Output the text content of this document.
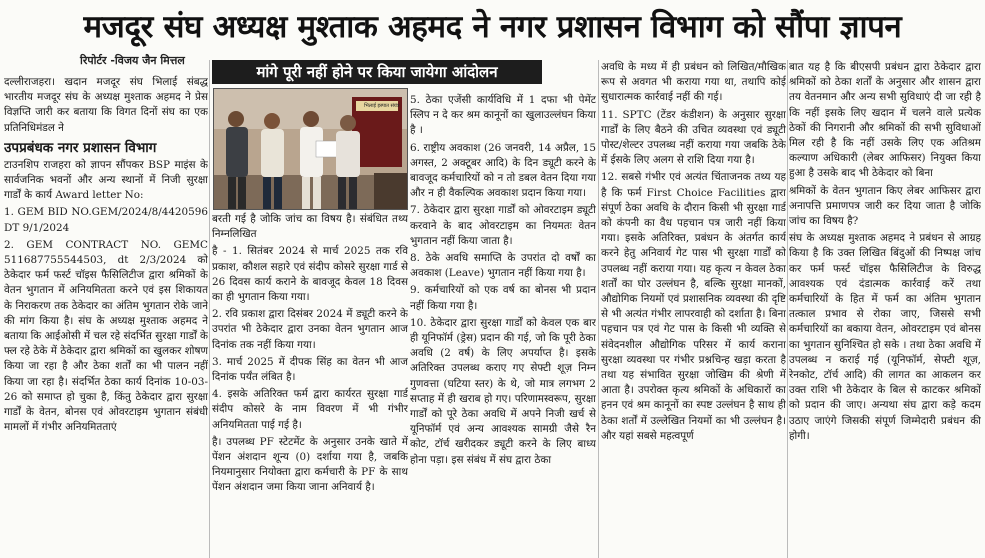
मजदूर संघ अध्यक्ष मुश्ताक अहमद ने नगर प्रशासन विभाग को सौंपा ज्ञापन
रिपोर्टर -विजय जैन मित्तल
मांगे पूरी नहीं होने पर किया जायेगा आंदोलन

दल्लीराजहरा। खदान मजदूर संघ भिलाई संबद्ध भारतीय मजदूर संघ के अध्यक्ष मुश्ताक अहमद ने प्रेस विज्ञप्ति जारी कर बताया कि विगत दिनों संघ का एक प्रतिनिधिमंडल ने

उपप्रबंधक नगर प्रशासन विभाग

टाउनशिप राजहरा को ज्ञापन सौंपकर BSP माइंस के सार्वजनिक भवनों और अन्य स्थानों में निजी सुरक्षा गार्डों के कार्य Award letter No:

1. GEM BID NO.GEM/2024/8/4420596 DT 9/1/2024

2. GEM CONTRACT NO. GEMC 511687755544503, dt 2/3/2024 को ठेकेदार फर्म फर्स्ट चॉइस फैसिलिटीज द्वारा श्रमिकों के वेतन भुगतान में अनियमितता करने एवं इस शिकायत के निराकरण तक ठेकेदार का अंतिम भुगतान रोके जाने की मांग किया है। संघ के अध्यक्ष मुश्ताक अहमद ने बताया कि आईओसी में चल रहे संदर्भित सुरक्षा गार्डों के फ्ल रहे ठेके में ठेकेदार द्वारा श्रमिकों का खुलकर शोषण किया जा रहा है और ठेका शर्तों का भी पालन नहीं किया जा रहा है। संदर्भित ठेका कार्य दिनांक 10-03-26 को समाप्त हो चुका है, किंतु ठेकेदार द्वारा सुरक्षा गार्डों के वेतन, बोनस एवं ओवरटाइम भुगतान संबंधी मामलों में गंभीर अनियमितताएं

भिलाई इस्पात संयंत्र

बरती गई है जोकि जांच का विषय है। संबंधित तथ्य निम्नलिखित

है - 1. सितंबर 2024 से मार्च 2025 तक रवि प्रकाश, कौशल सहारे एवं संदीप कोसरे सुरक्षा गार्ड से 26 दिवस कार्य कराने के बावजूद केवल 18 दिवस का ही भुगतान किया गया।

2. रवि प्रकाश द्वारा दिसंबर 2024 में ड्यूटी करने के उपरांत भी ठेकेदार द्वारा उनका वेतन भुगतान आज दिनांक तक नहीं किया गया।

3. मार्च 2025 में दीपक सिंह का वेतन भी आज दिनांक पर्यंत लंबित है।

4. इसके अतिरिक्त फर्म द्वारा कार्यरत सुरक्षा गार्ड संदीप कोसरे के नाम विवरण में भी गंभीर अनियमितता पाई गई है।

है। उपलब्ध PF स्टेटमेंट के अनुसार उनके खाते में पेंशन अंशदान शून्य (0) दर्शाया गया है, जबकि नियमानुसार नियोक्ता द्वारा कर्मचारी के PF के साथ पेंशन अंशदान जमा किया जाना अनिवार्य है।

5. ठेका एजेंसी कार्यविधि में 1 दफा भी पेमेंट स्लिप न दे कर श्रम कानूनों का खुलाउल्लंघन किया है ।

6. राष्ट्रीय अवकाश (26 जनवरी, 14 अप्रैल, 15 अगस्त, 2 अक्टूबर आदि) के दिन ड्यूटी करने के बावजूद कर्मचारियों को न तो डबल वेतन दिया गया और न ही वैकल्पिक अवकाश प्रदान किया गया।

7. ठेकेदार द्वारा सुरक्षा गार्डों को ओवरटाइम ड्यूटी करवाने के बाद ओवरटाइम का नियमतः वेतन भुगतान नहीं किया जाता है।

8. ठेके अवधि समाप्ति के उपरांत दो वर्षों का अवकाश (Leave) भुगतान नहीं किया गया है।

9. कर्मचारियों को एक वर्ष का बोनस भी प्रदान नहीं किया गया है।

10. ठेकेदार द्वारा सुरक्षा गार्डों को केवल एक बार ही यूनिफॉर्म (ड्रेस) प्रदान की गई, जो कि पूरी ठेका अवधि (2 वर्ष) के लिए अपर्याप्त है। इसके अतिरिक्त उपलब्ध कराए गए सेफ्टी शूज़ निम्न गुणवत्ता (घटिया स्तर) के थे, जो मात्र लगभग 2 सप्ताह में ही खराब हो गए। परिणामस्वरूप, सुरक्षा गार्डों को पूरे ठेका अवधि में अपने निजी खर्च से यूनिफॉर्म एवं अन्य आवश्यक सामग्री जैसे रैन कोट, टॉर्च खरीदकर ड्यूटी करने के लिए बाध्य होना पड़ा। इस संबंध में संघ द्वारा ठेका

अवधि के मध्य में ही प्रबंधन को लिखित/मौखिक रूप से अवगत भी कराया गया था, तथापि कोई सुधारात्मक कार्रवाई नहीं की गई।

11. SPTC (टेंडर कंडीशन) के अनुसार सुरक्षा गार्डों के लिए बैठने की उचित व्यवस्था एवं ड्यूटी पोस्ट/शेल्टर उपलब्ध नहीं कराया गया जबकि ठेके में ईसके लिए अलग से राशि दिया गया है।

12. सबसे गंभीर एवं अत्यंत चिंताजनक तथ्य यह है कि फर्म First Choice Facilities द्वारा संपूर्ण ठेका अवधि के दौरान किसी भी सुरक्षा गार्ड को कंपनी का वैध पहचान पत्र जारी नहीं किया गया। इसके अतिरिक्त, प्रबंधन के अंतर्गत कार्य करने हेतु अनिवार्य गेट पास भी सुरक्षा गार्डों को उपलब्ध नहीं कराया गया। यह कृत्य न केवल ठेका शर्तों का घोर उल्लंघन है, बल्कि सुरक्षा मानकों, औद्योगिक नियमों एवं प्रशासनिक व्यवस्था की दृष्टि से भी अत्यंत गंभीर लापरवाही को दर्शाता है। बिना पहचान पत्र एवं गेट पास के किसी भी व्यक्ति से संवेदनशील औद्योगिक परिसर में कार्य कराना सुरक्षा व्यवस्था पर गंभीर प्रश्नचिन्ह खड़ा करता है तथा यह संभावित सुरक्षा जोखिम की श्रेणी में आता है। उपरोक्त कृत्य श्रमिकों के अधिकारों का हनन एवं श्रम कानूनों का स्पष्ट उल्लंघन है साथ ही ठेका शर्तों में उल्लेखित नियमों का भी उल्लंघन है। और यहां सबसे महत्वपूर्ण

बात यह है कि बीएसपी प्रबंधन द्वारा ठेकेदार द्वारा श्रमिकों को ठेका शर्तों के अनुसार और शासन द्वारा तय वेतनमान और अन्य सभी सुविधाएं दी जा रही है कि नहीं इसके लिए खदान में चलने वाले प्रत्येक ठेकों की निगरानी और श्रमिकों की सभी सुविधाओं मिल रही है कि नहीं उसके लिए एक अतिश्रम कल्याण अधिकारी (लेबर आफिसर) नियुक्त किया हुआ है उसके बाद भी ठेकेदार को बिना

श्रमिकों के वेतन भुगतान किए लेबर आफिसर द्वारा अनापत्ति प्रमाणपत्र जारी कर दिया जाता है जोकि जांच का विषय है?

संघ के अध्यक्ष मुश्ताक अहमद ने प्रबंधन से आग्रह किया है कि उक्त लिखित बिंदुओं की निष्पक्ष जांच कर फर्म फर्स्ट चॉइस फैसिलिटीज के विरुद्ध आवश्यक एवं दंडात्मक कार्रवाई करें तथा कर्मचारियों के हित में फर्म का अंतिम भुगतान तत्काल प्रभाव से रोका जाए, जिससे सभी कर्मचारियों का बकाया वेतन, ओवरटाइम एवं बोनस का भुगतान सुनिश्चित हो सके । तथा ठेका अवधि में उपलब्ध न कराई गई (यूनिफॉर्म, सेफ्टी शूज़, रेनकोट, टॉर्च आदि) की लागत का आकलन कर उक्त राशि भी ठेकेदार के बिल से काटकर श्रमिकों को प्रदान की जाए। अन्यथा संघ द्वारा कड़े कदम उठाए जाएंगे जिसकी संपूर्ण जिम्मेदारी प्रबंधन की होगी।
